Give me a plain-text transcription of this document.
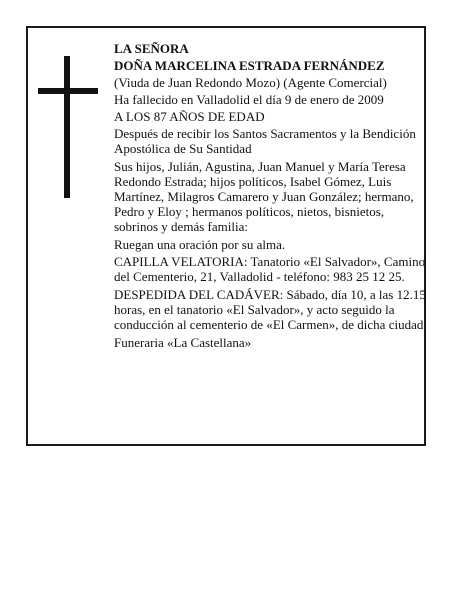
LA SEÑORA
DOÑA MARCELINA ESTRADA FERNÁNDEZ
(Viuda de Juan Redondo Mozo) (Agente Comercial)
Ha fallecido en Valladolid el día 9 de enero de 2009
A LOS 87 AÑOS DE EDAD
Después de recibir los Santos Sacramentos y la Bendición Apostólica de Su Santidad
Sus hijos, Julián, Agustina, Juan Manuel y María Teresa Redondo Estrada; hijos políticos, Isabel Gómez, Luis Martínez, Milagros Camarero y Juan González; hermano, Pedro y Eloy ; hermanos políticos, nietos, bisnietos, sobrinos y demás familia:
Ruegan una oración por su alma.
CAPILLA VELATORIA: Tanatorio «El Salvador», Camino del Cementerio, 21, Valladolid - teléfono: 983 25 12 25.
DESPEDIDA DEL CADÁVER: Sábado, día 10, a las 12.15 horas, en el tanatorio «El Salvador», y acto seguido la conducción al cementerio de «El Carmen», de dicha ciudad.
Funeraria «La Castellana»
